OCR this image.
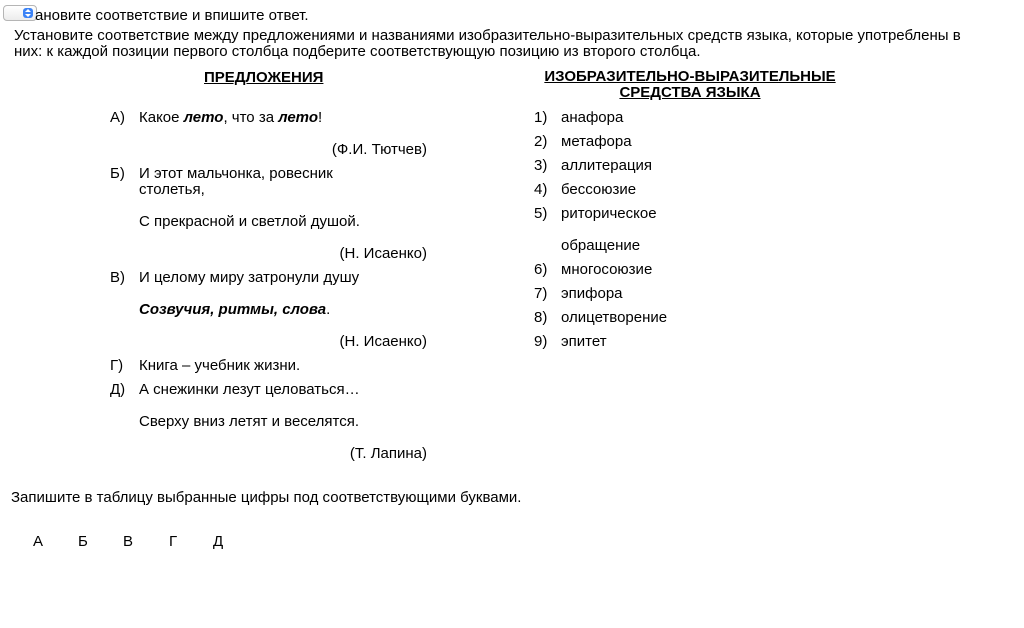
ановите соответствие и впишите ответ.
Установите соответствие между предложениями и названиями изобразительно-выразительных средств языка, которые употреблены в них: к каждой позиции первого столбца подберите соответствующую позицию из второго столбца.
ПРЕДЛОЖЕНИЯ	ИЗОБРАЗИТЕЛЬНО-ВЫРАЗИТЕЛЬНЫЕ СРЕДСТВА ЯЗЫКА
А) Какое лето, что за лето!
(Ф.И. Тютчев)
Б) И этот мальчонка, ровесник
столетья,
С прекрасной и светлой душой.
(Н. Исаенко)
В) И целому миру затронули душу
Созвучия, ритмы, слова.
(Н. Исаенко)
Г) Книга – учебник жизни.
Д) А снежинки лезут целоваться…
Сверху вниз летят и веселятся.
(Т. Лапина)
1) анафора
2) метафора
3) аллитерация
4) бессоюзие
5) риторическое
обращение
6) многосоюзие
7) эпифора
8) олицетворение
9) эпитет
Запишите в таблицу выбранные цифры под соответствующими буквами.
А Б В Г Д
